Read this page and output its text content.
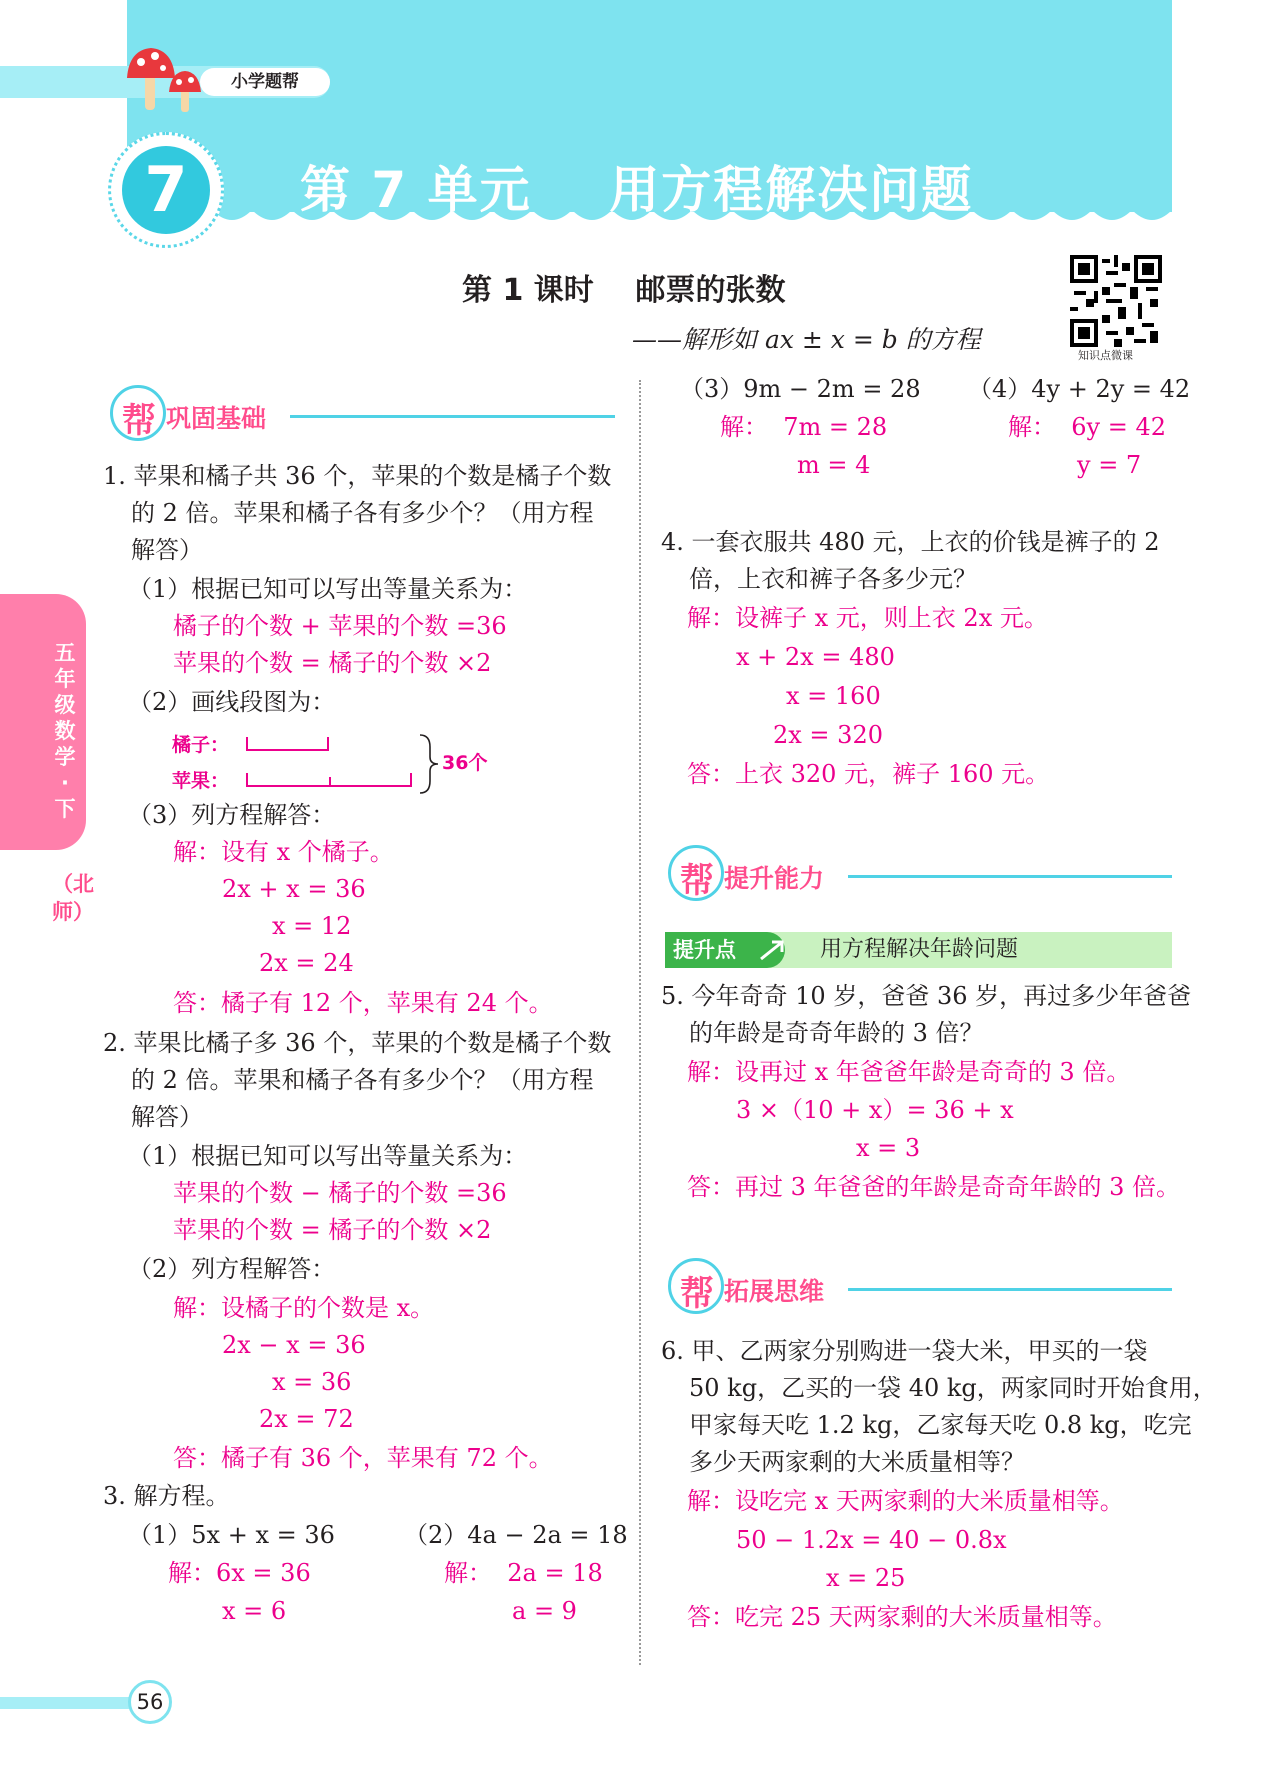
小学题帮
7	第 7 单元    用方程解决问题
第 1 课时    邮票的张数
——解形如 ax ± x = b 的方程
知识点微课
五年级数学·下
（北师）
帮 巩固基础
1. 苹果和橘子共 36 个，苹果的个数是橘子个数
的 2 倍。苹果和橘子各有多少个？（用方程
解答）
（1）根据已知可以写出等量关系为：
橘子的个数 + 苹果的个数 =36
苹果的个数 = 橘子的个数 ×2
（2）画线段图为：
橘子：
苹果：
36个
（3）列方程解答：
解：设有 x 个橘子。
2x + x = 36
x = 12
2x = 24
答：橘子有 12 个，苹果有 24 个。
2. 苹果比橘子多 36 个，苹果的个数是橘子个数
的 2 倍。苹果和橘子各有多少个？（用方程
解答）
（1）根据已知可以写出等量关系为：
苹果的个数 − 橘子的个数 =36
苹果的个数 = 橘子的个数 ×2
（2）列方程解答：
解：设橘子的个数是 x。
2x − x = 36
x = 36
2x = 72
答：橘子有 36 个，苹果有 72 个。
3. 解方程。
（1）5x + x = 36
解：6x = 36
x = 6
（2）4a − 2a = 18
解：  2a = 18
a = 9
（3）9m − 2m = 28
解：  7m = 28
m = 4
（4）4y + 2y = 42
解：  6y = 42
y = 7
4. 一套衣服共 480 元，上衣的价钱是裤子的 2
倍，上衣和裤子各多少元？
解：设裤子 x 元，则上衣 2x 元。
x + 2x = 480
x = 160
2x = 320
答：上衣 320 元，裤子 160 元。
帮 提升能力
提升点	用方程解决年龄问题
5. 今年奇奇 10 岁，爸爸 36 岁，再过多少年爸爸
的年龄是奇奇年龄的 3 倍？
解：设再过 x 年爸爸年龄是奇奇的 3 倍。
3 ×（10 + x）= 36 + x
x = 3
答：再过 3 年爸爸的年龄是奇奇年龄的 3 倍。
帮 拓展思维
6. 甲、乙两家分别购进一袋大米，甲买的一袋
50 kg，乙买的一袋 40 kg，两家同时开始食用，
甲家每天吃 1.2 kg，乙家每天吃 0.8 kg，吃完
多少天两家剩的大米质量相等？
解：设吃完 x 天两家剩的大米质量相等。
50 − 1.2x = 40 − 0.8x
x = 25
答：吃完 25 天两家剩的大米质量相等。
56
